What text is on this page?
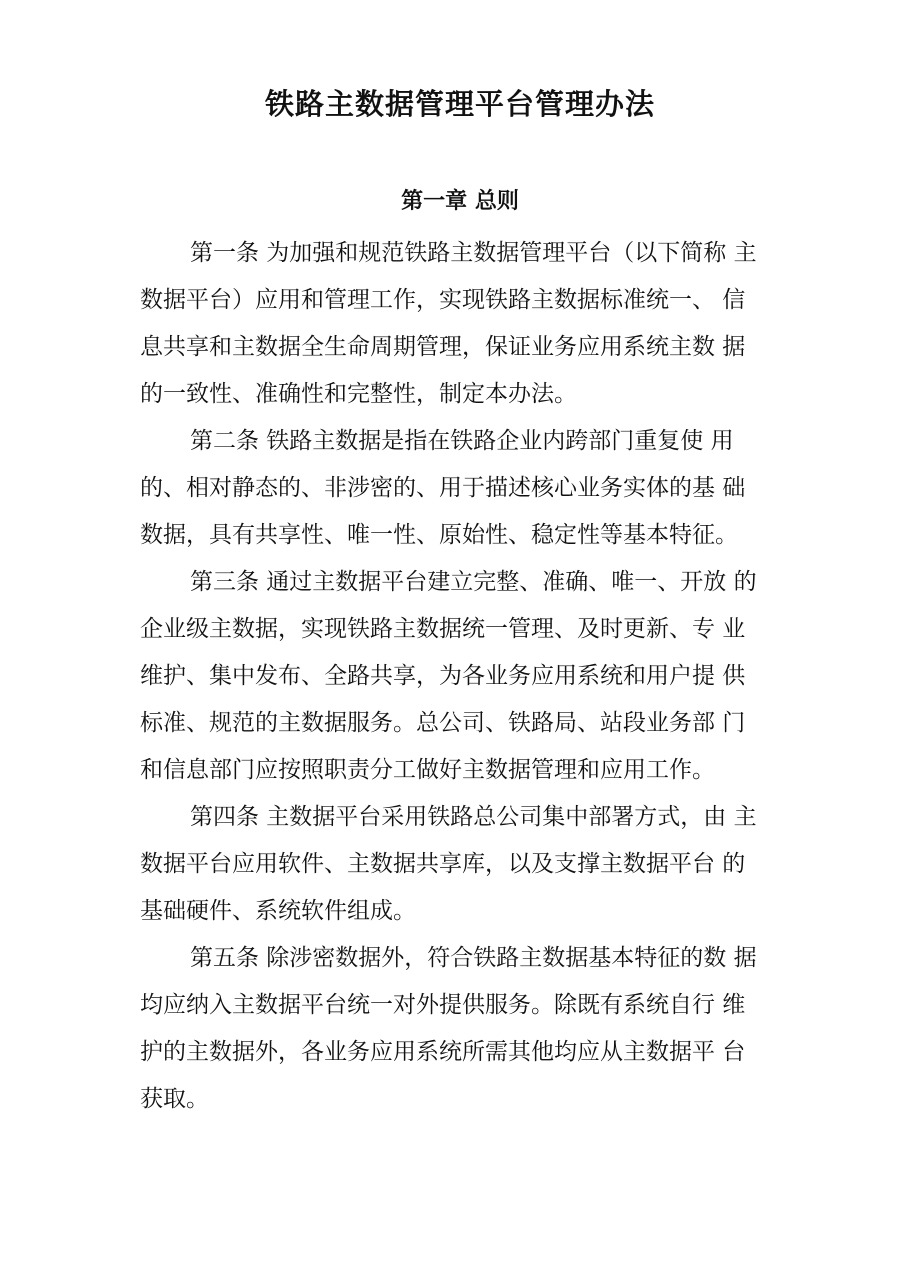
铁路主数据管理平台管理办法
第一章 总则
第一条 为加强和规范铁路主数据管理平台（以下简称 主
数据平台）应用和管理工作，实现铁路主数据标准统一、 信
息共享和主数据全生命周期管理，保证业务应用系统主数 据
的一致性、准确性和完整性，制定本办法。
第二条 铁路主数据是指在铁路企业内跨部门重复使 用
的、相对静态的、非涉密的、用于描述核心业务实体的基 础
数据，具有共享性、唯一性、原始性、稳定性等基本特征。
第三条 通过主数据平台建立完整、准确、唯一、开放 的
企业级主数据，实现铁路主数据统一管理、及时更新、专 业
维护、集中发布、全路共享，为各业务应用系统和用户提 供
标准、规范的主数据服务。总公司、铁路局、站段业务部 门
和信息部门应按照职责分工做好主数据管理和应用工作。
第四条 主数据平台采用铁路总公司集中部署方式，由 主
数据平台应用软件、主数据共享库，以及支撑主数据平台 的
基础硬件、系统软件组成。
第五条 除涉密数据外，符合铁路主数据基本特征的数 据
均应纳入主数据平台统一对外提供服务。除既有系统自行 维
护的主数据外，各业务应用系统所需其他均应从主数据平 台
获取。
